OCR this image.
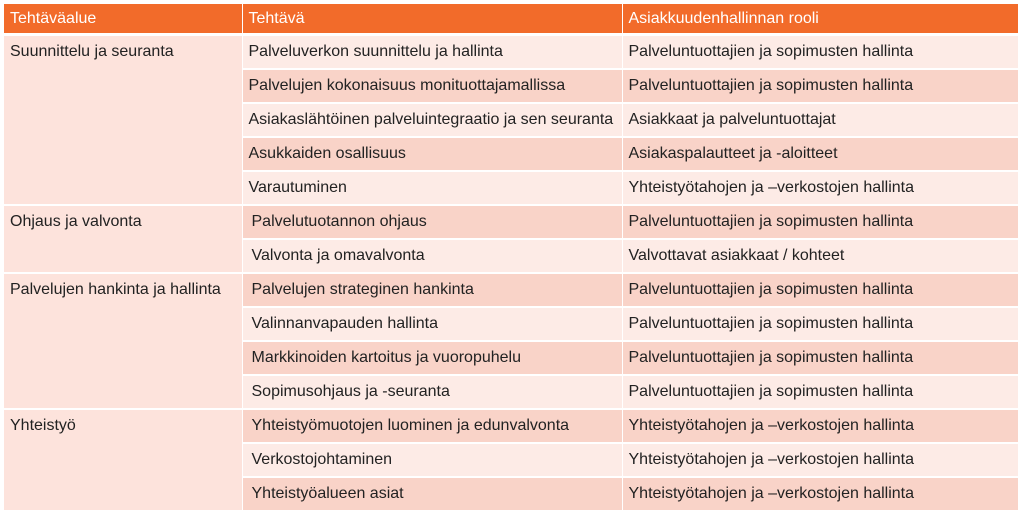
Tehtäväalue	Tehtävä	Asiakkuudenhallinnan rooli
Suunnittelu ja seuranta	Palveluverkon suunnittelu ja hallinta	Palveluntuottajien ja sopimusten hallinta
	Palvelujen kokonaisuus monituottajamallissa	Palveluntuottajien ja sopimusten hallinta
	Asiakaslähtöinen palveluintegraatio ja sen seuranta	Asiakkaat ja palveluntuottajat
	Asukkaiden osallisuus	Asiakaspalautteet ja -aloitteet
	Varautuminen	Yhteistyötahojen ja –verkostojen hallinta
Ohjaus ja valvonta	Palvelutuotannon ohjaus	Palveluntuottajien ja sopimusten hallinta
	Valvonta ja omavalvonta	Valvottavat asiakkaat / kohteet
Palvelujen hankinta ja hallinta	Palvelujen strateginen hankinta	Palveluntuottajien ja sopimusten hallinta
	Valinnanvapauden hallinta	Palveluntuottajien ja sopimusten hallinta
	Markkinoiden kartoitus ja vuoropuhelu	Palveluntuottajien ja sopimusten hallinta
	Sopimusohjaus ja -seuranta	Palveluntuottajien ja sopimusten hallinta
Yhteistyö	Yhteistyömuotojen luominen ja edunvalvonta	Yhteistyötahojen ja –verkostojen hallinta
	Verkostojohtaminen	Yhteistyötahojen ja –verkostojen hallinta
	Yhteistyöalueen asiat	Yhteistyötahojen ja –verkostojen hallinta
